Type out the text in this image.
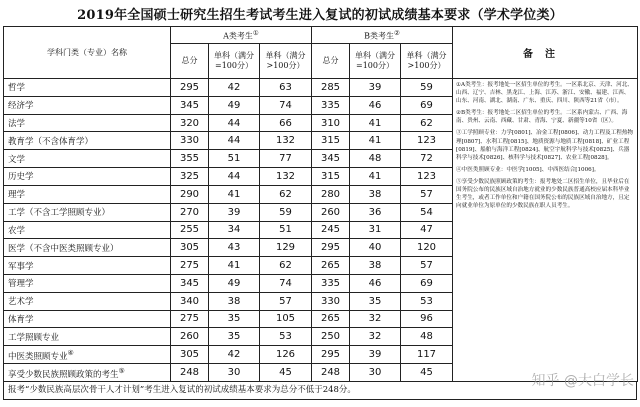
2019年全国硕士研究生招生考试考生进入复试的初试成绩基本要求（学术学位类）
学科门类（专业）名称	A类考生①			B类考生②			备注
	总分	单科（满分=100分）	单科（满分>100分）	总分	单科（满分=100分）	单科（满分>100分）	
哲学	295	42	63	285	39	59	①A类考生：报考地处一区招生单位的考生。一区系北京、天津、河北、山西、辽宁、吉林、黑龙江、上海、江苏、浙江、安徽、福建、江西、山东、河南、湖北、湖南、广东、重庆、四川、陕西等21省（市）。

②B类考生：报考地处二区招生单位的考生。二区系内蒙古、广西、海南、贵州、云南、西藏、甘肃、青海、宁夏、新疆等10省（区）。

③工学照顾专业：力学[0801]、冶金工程[0806]、动力工程及工程热物理[0807]、水利工程[0815]、地质资源与地质工程[0818]、矿业工程[0819]、船舶与海洋工程[0824]、航空宇航科学与技术[0825]、兵器科学与技术[0826]、核科学与技术[0827]、农业工程[0828]。

④中医类照顾专业：中医学[1005]、中西医结合[1006]。

⑤享受少数民族照顾政策的考生：报考地处二区招生单位，且毕业后在国务院公布的民族区域自治地方就业的少数民族普通高校应届本科毕业生考生，或者工作单位和户籍在国务院公布的民族区域自治地方，且定向就业单位为原单位的少数民族在职人员考生。

经济学	345	49	74	335	46	69	
法学	320	44	66	310	41	62	
教育学（不含体育学）	330	44	132	315	41	123	
文学	355	51	77	345	48	72	
历史学	325	44	132	315	41	123	
理学	290	41	62	280	38	57	
工学（不含工学照顾专业）	270	39	59	260	36	54	
农学	255	34	51	245	31	47	
医学（不含中医类照顾专业）	305	43	129	295	40	120	
军事学	275	41	62	265	38	57	
管理学	345	49	74	335	46	69	
艺术学	340	38	57	330	35	53	
体育学	275	35	105	265	32	96	
工学照顾专业	260	35	53	250	32	48	
中医类照顾专业④	305	42	126	295	39	117	
享受少数民族照顾政策的考生⑤	248	30	45	248	30	45	
报考“少数民族高层次骨干人才计划”考生进入复试的初试成绩基本要求为总分不低于248分。
知乎 @大白学长
